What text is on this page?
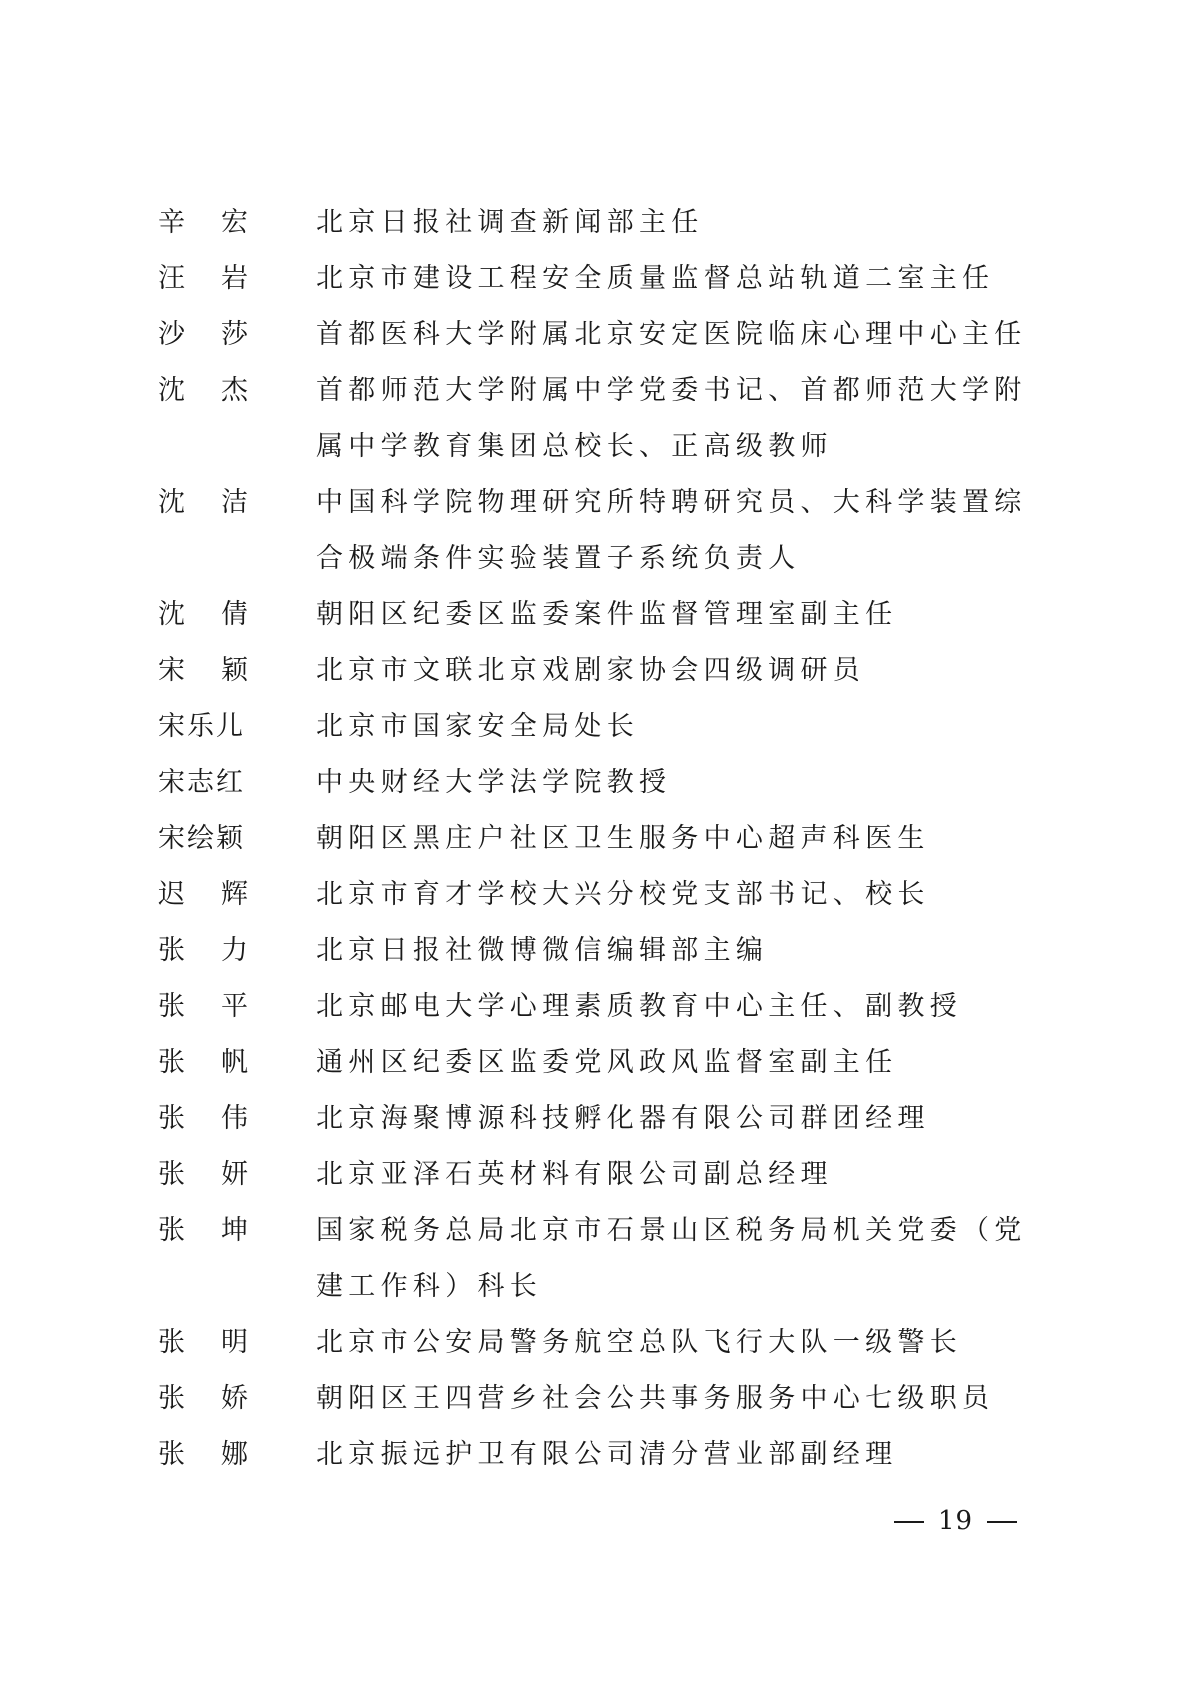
辛宏	北京日报社调查新闻部主任
汪岩	北京市建设工程安全质量监督总站轨道二室主任
沙莎	首都医科大学附属北京安定医院临床心理中心主任
沈杰	首都师范大学附属中学党委书记、首都师范大学附属中学教育集团总校长、正高级教师
沈洁	中国科学院物理研究所特聘研究员、大科学装置综合极端条件实验装置子系统负责人
沈倩	朝阳区纪委区监委案件监督管理室副主任
宋颖	北京市文联北京戏剧家协会四级调研员
宋乐儿	北京市国家安全局处长
宋志红	中央财经大学法学院教授
宋绘颖	朝阳区黑庄户社区卫生服务中心超声科医生
迟辉	北京市育才学校大兴分校党支部书记、校长
张力	北京日报社微博微信编辑部主编
张平	北京邮电大学心理素质教育中心主任、副教授
张帆	通州区纪委区监委党风政风监督室副主任
张伟	北京海聚博源科技孵化器有限公司群团经理
张妍	北京亚泽石英材料有限公司副总经理
张坤	国家税务总局北京市石景山区税务局机关党委（党建工作科）科长
张明	北京市公安局警务航空总队飞行大队一级警长
张娇	朝阳区王四营乡社会公共事务服务中心七级职员
张娜	北京振远护卫有限公司清分营业部副经理
19
